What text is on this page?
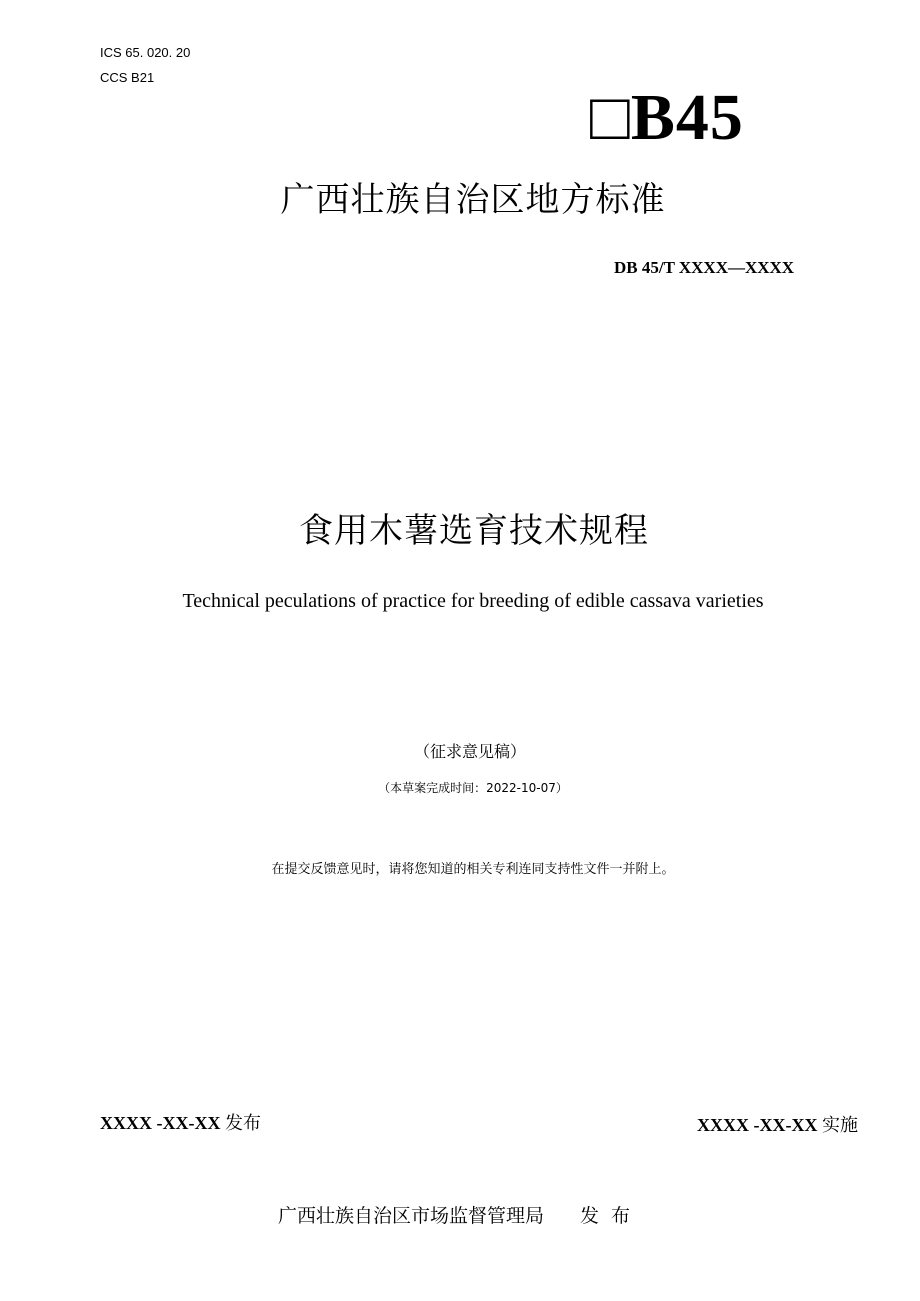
ICS 65. 020. 20
CCS B21
□B45
广西壮族自治区地方标准
DB 45/T XXXX—XXXX
食用木薯选育技术规程
Technical peculations of practice for breeding of edible cassava varieties
（征求意见稿）
（本草案完成时间：2022-10-07）
在提交反馈意见时，请将您知道的相关专利连同支持性文件一并附上。
XXXX -XX-XX 发布	XXXX -XX-XX 实施
广西壮族自治区市场监督管理局 发布
